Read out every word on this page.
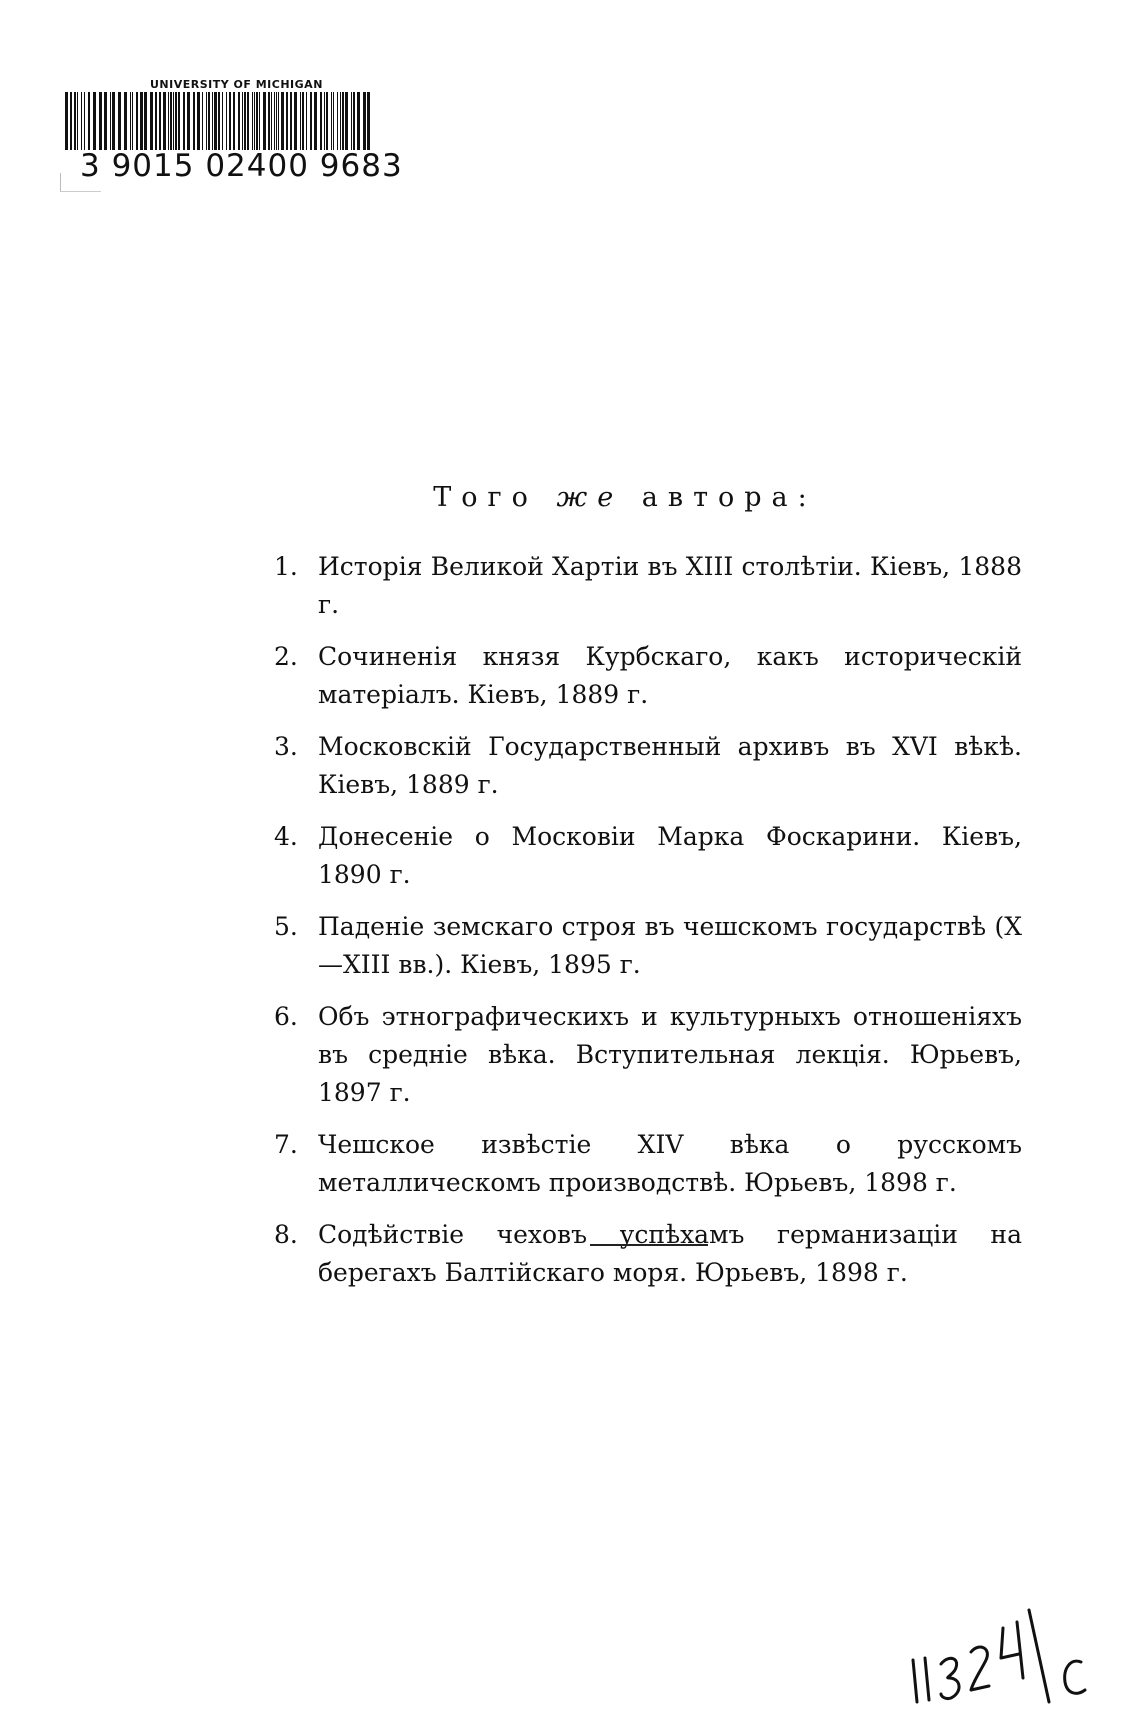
UNIVERSITY OF MICHIGAN
3 9015 02400 9683
Того же автора:
1. Исторія Великой Хартіи въ XIII столѣтіи. Кіевъ, 1888 г.
2. Сочиненія князя Курбскаго, какъ историческій матеріалъ. Кіевъ, 1889 г.
3. Московскій Государственный архивъ въ XVI вѣкѣ. Кіевъ, 1889 г.
4. Донесеніе о Московіи Марка Фоскарини. Кіевъ, 1890 г.
5. Паденіе земскаго строя въ чешскомъ государствѣ (X—XIII вв.). Кіевъ, 1895 г.
6. Объ этнографическихъ и культурныхъ отношеніяхъ въ средніе вѣка. Вступительная лекція. Юрьевъ, 1897 г.
7. Чешское извѣстіе XIV вѣка о русскомъ металлическомъ производствѣ. Юрьевъ, 1898 г.
8. Содѣйствіе чеховъ успѣхамъ германизаціи на берегахъ Балтійскаго моря. Юрьевъ, 1898 г.
